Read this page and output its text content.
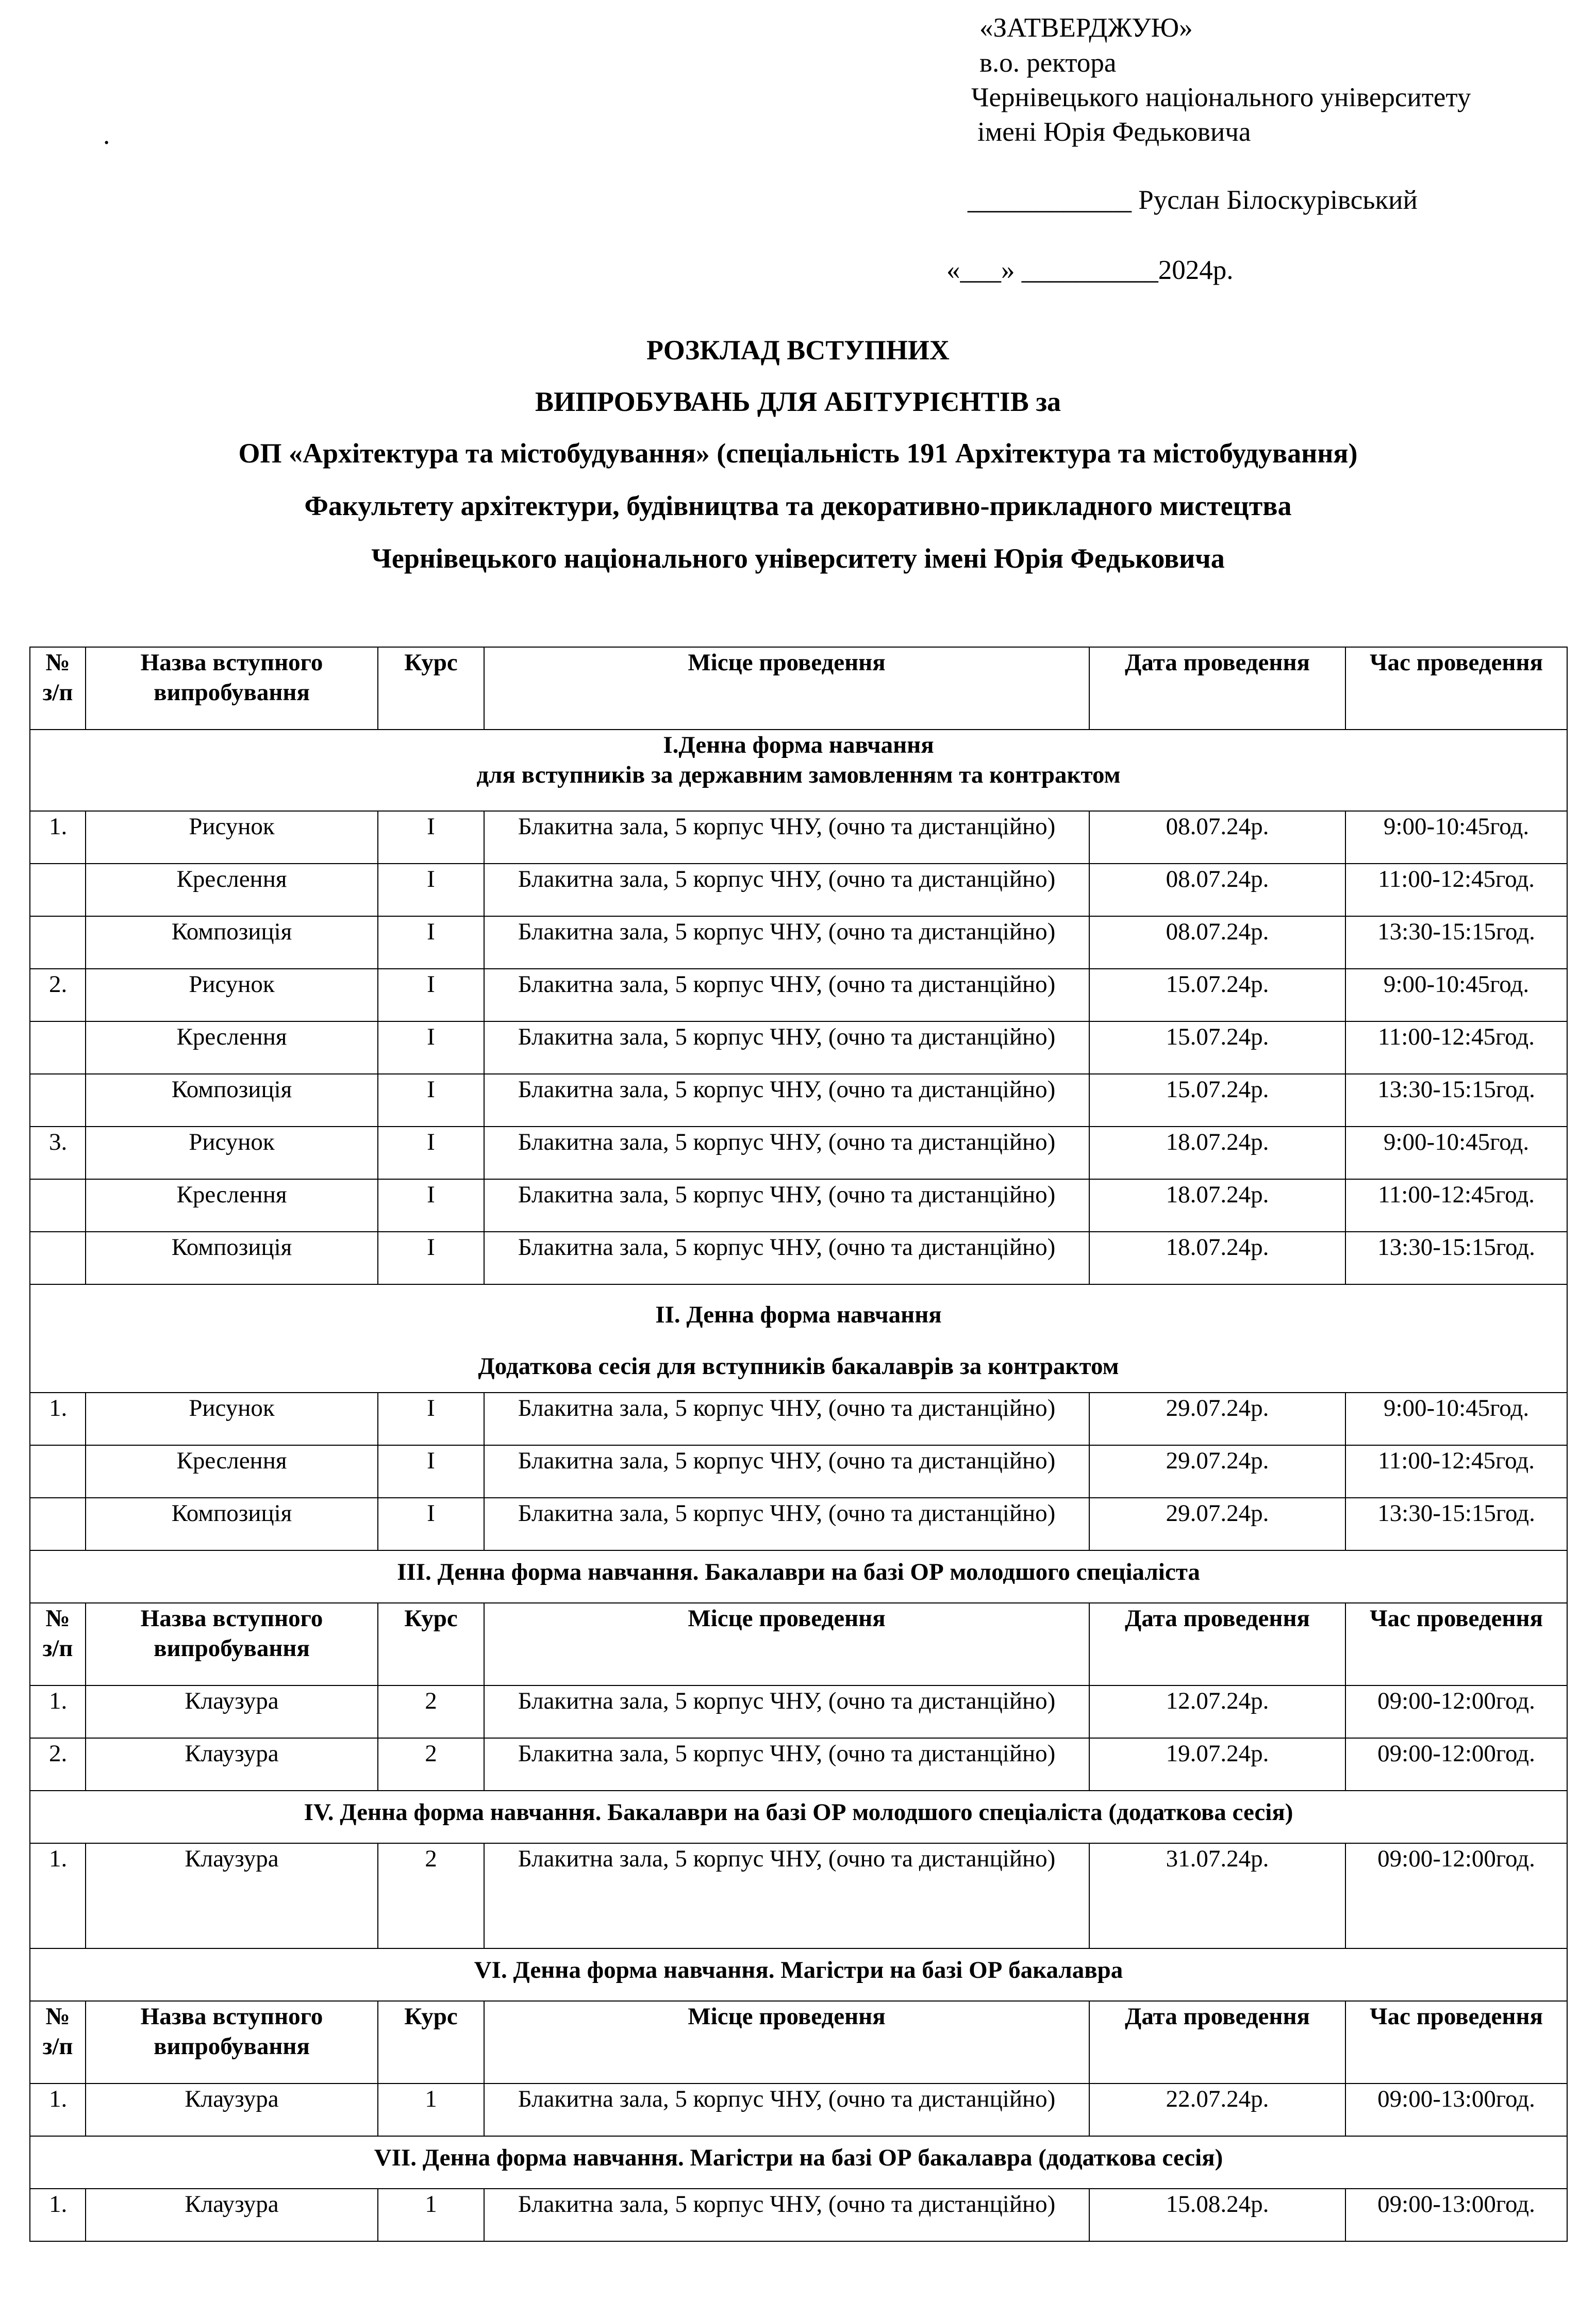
«ЗАТВЕРДЖУЮ»
в.о. ректора
Чернівецького національного університету
імені Юрія Федьковича
____________ Руслан Білоскурівський
«___» __________2024р.
.
РОЗКЛАД ВСТУПНИХ
ВИПРОБУВАНЬ ДЛЯ АБІТУРІЄНТІВ за
ОП «Архітектура та містобудування» (спеціальність 191 Архітектура та містобудування)
Факультету архітектури, будівництва та декоративно-прикладного мистецтва
Чернівецького національного університету імені Юрія Федьковича
№ з/п	Назва вступного випробування	Курс	Місце проведення	Дата проведення	Час проведення

І.Денна форма навчання
для вступників за державним замовленням та контрактом					

1.	Рисунок	І	Блакитна зала, 5 корпус ЧНУ, (очно та дистанційно)	08.07.24р.	9:00-10:45год.
	Креслення	І	Блакитна зала, 5 корпус ЧНУ, (очно та дистанційно)	08.07.24р.	11:00-12:45год.
	Композиція	І	Блакитна зала, 5 корпус ЧНУ, (очно та дистанційно)	08.07.24р.	13:30-15:15год.
2.	Рисунок	І	Блакитна зала, 5 корпус ЧНУ, (очно та дистанційно)	15.07.24р.	9:00-10:45год.
	Креслення	І	Блакитна зала, 5 корпус ЧНУ, (очно та дистанційно)	15.07.24р.	11:00-12:45год.
	Композиція	І	Блакитна зала, 5 корпус ЧНУ, (очно та дистанційно)	15.07.24р.	13:30-15:15год.
3.	Рисунок	І	Блакитна зала, 5 корпус ЧНУ, (очно та дистанційно)	18.07.24р.	9:00-10:45год.
	Креслення	І	Блакитна зала, 5 корпус ЧНУ, (очно та дистанційно)	18.07.24р.	11:00-12:45год.
	Композиція	І	Блакитна зала, 5 корпус ЧНУ, (очно та дистанційно)	18.07.24р.	13:30-15:15год.

ІІ. Денна форма навчання
Додаткова сесія для вступників бакалаврів за контрактом					

1.	Рисунок	І	Блакитна зала, 5 корпус ЧНУ, (очно та дистанційно)	29.07.24р.	9:00-10:45год.
	Креслення	І	Блакитна зала, 5 корпус ЧНУ, (очно та дистанційно)	29.07.24р.	11:00-12:45год.
	Композиція	І	Блакитна зала, 5 корпус ЧНУ, (очно та дистанційно)	29.07.24р.	13:30-15:15год.
ІІІ. Денна форма навчання. Бакалаври на базі ОР молодшого спеціаліста					
№ з/п	Назва вступного випробування	Курс	Місце проведення	Дата проведення	Час проведення
1.	Клаузура	2	Блакитна зала, 5 корпус ЧНУ, (очно та дистанційно)	12.07.24р.	09:00-12:00год.
2.	Клаузура	2	Блакитна зала, 5 корпус ЧНУ, (очно та дистанційно)	19.07.24р.	09:00-12:00год.
ІV. Денна форма навчання. Бакалаври на базі ОР молодшого спеціаліста (додаткова сесія)					
1.	Клаузура	2	Блакитна зала, 5 корпус ЧНУ, (очно та дистанційно)	31.07.24р.	09:00-12:00год.
VІ. Денна форма навчання. Магістри на базі ОР бакалавра					
№ з/п	Назва вступного випробування	Курс	Місце проведення	Дата проведення	Час проведення
1.	Клаузура	1	Блакитна зала, 5 корпус ЧНУ, (очно та дистанційно)	22.07.24р.	09:00-13:00год.
VІІ. Денна форма навчання. Магістри на базі ОР бакалавра (додаткова сесія)					
1.	Клаузура	1	Блакитна зала, 5 корпус ЧНУ, (очно та дистанційно)	15.08.24р.	09:00-13:00год.
